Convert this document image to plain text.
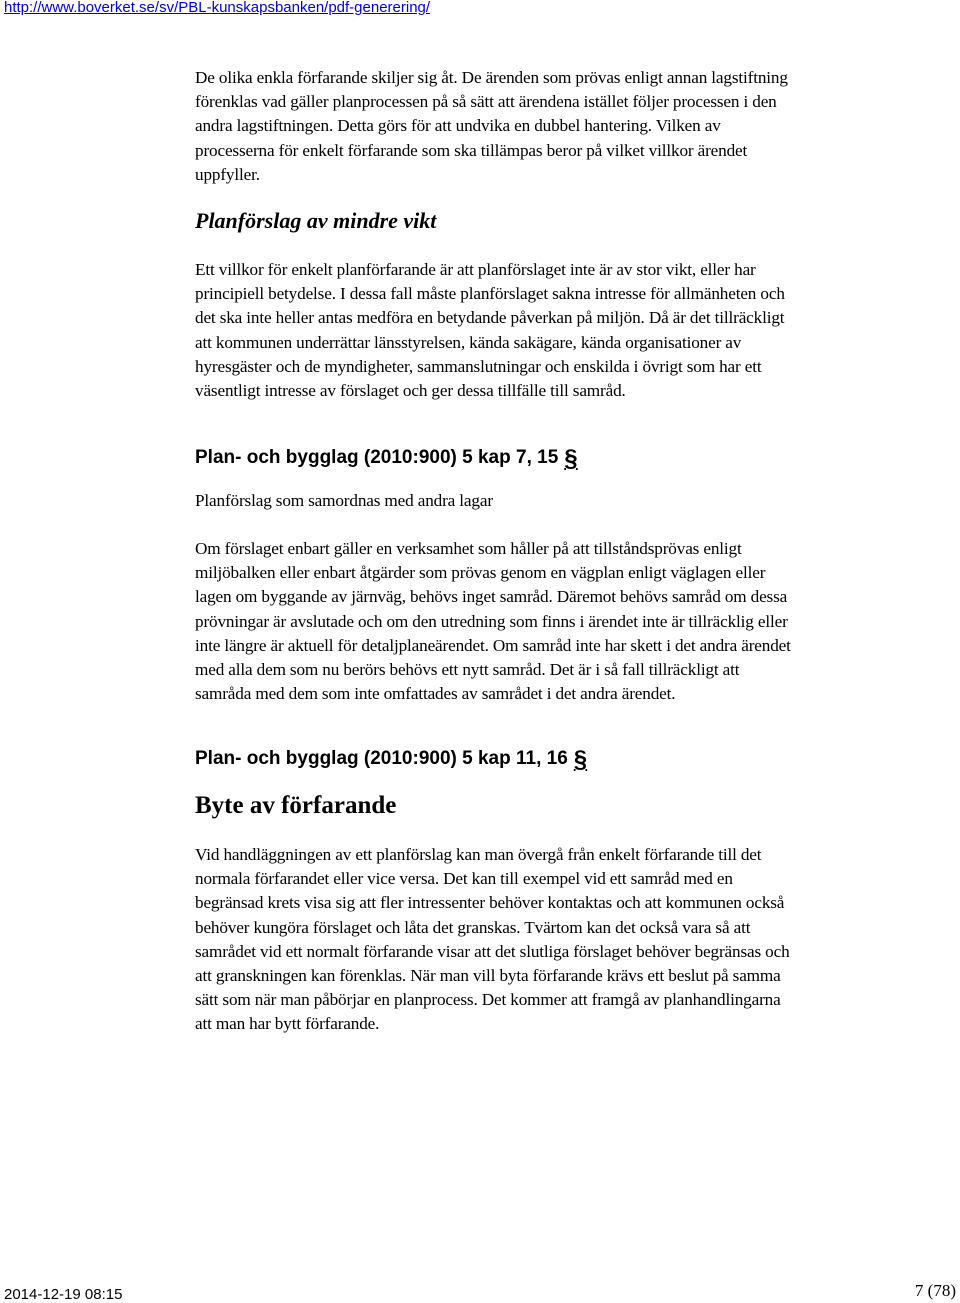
http://www.boverket.se/sv/PBL-kunskapsbanken/pdf-generering/

De olika enkla förfarande skiljer sig åt. De ärenden som prövas enligt annan lagstiftning förenklas vad gäller planprocessen på så sätt att ärendena istället följer processen i den andra lagstiftningen. Detta görs för att undvika en dubbel hantering. Vilken av processerna för enkelt förfarande som ska tillämpas beror på vilket villkor ärendet uppfyller.

Planförslag av mindre vikt

Ett villkor för enkelt planförfarande är att planförslaget inte är av stor vikt, eller har principiell betydelse. I dessa fall måste planförslaget sakna intresse för allmänheten och det ska inte heller antas medföra en betydande påverkan på miljön. Då är det tillräckligt att kommunen underrättar länsstyrelsen, kända sakägare, kända organisationer av hyresgäster och de myndigheter, sammanslutningar och enskilda i övrigt som har ett väsentligt intresse av förslaget och ger dessa tillfälle till samråd.

Plan- och bygglag (2010:900) 5 kap 7, 15 §

Planförslag som samordnas med andra lagar

Om förslaget enbart gäller en verksamhet som håller på att tillståndsprövas enligt miljöbalken eller enbart åtgärder som prövas genom en vägplan enligt väglagen eller lagen om byggande av järnväg, behövs inget samråd. Däremot behövs samråd om dessa prövningar är avslutade och om den utredning som finns i ärendet inte är tillräcklig eller inte längre är aktuell för detaljplaneärendet. Om samråd inte har skett i det andra ärendet med alla dem som nu berörs behövs ett nytt samråd. Det är i så fall tillräckligt att samråda med dem som inte omfattades av samrådet i det andra ärendet.

Plan- och bygglag (2010:900) 5 kap 11, 16 §
Byte av förfarande

Vid handläggningen av ett planförslag kan man övergå från enkelt förfarande till det normala förfarandet eller vice versa. Det kan till exempel vid ett samråd med en begränsad krets visa sig att fler intressenter behöver kontaktas och att kommunen också behöver kungöra förslaget och låta det granskas. Tvärtom kan det också vara så att samrådet vid ett normalt förfarande visar att det slutliga förslaget behöver begränsas och att granskningen kan förenklas. När man vill byta förfarande krävs ett beslut på samma sätt som när man påbörjar en planprocess. Det kommer att framgå av planhandlingarna att man har bytt förfarande.

2014-12-19 08:15	7 (78)
